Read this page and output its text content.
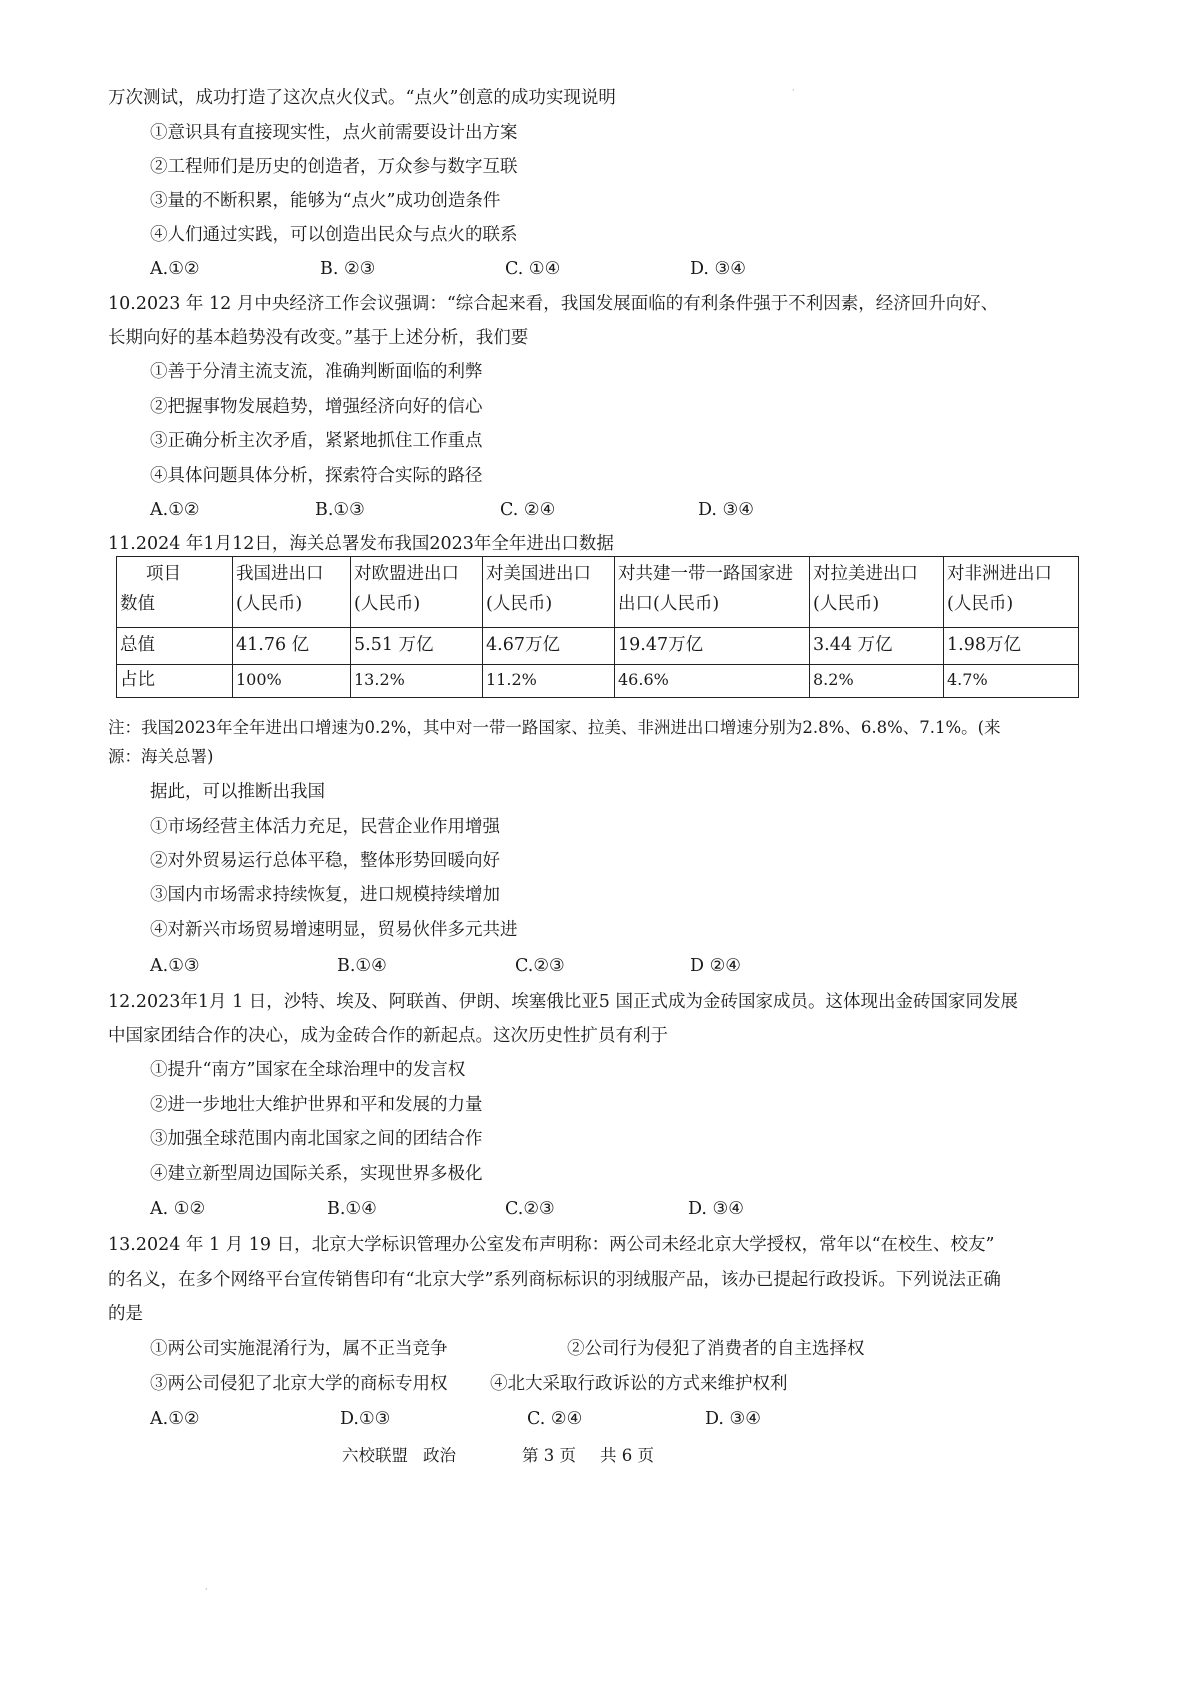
万次测试，成功打造了这次点火仪式。“点火”创意的成功实现说明	·
①意识具有直接现实性，点火前需要设计出方案
②工程师们是历史的创造者，万众参与数字互联
③量的不断积累，能够为“点火”成功创造条件
④人们通过实践，可以创造出民众与点火的联系
A.①②	B. ②③	C. ①④	D. ③④
10.2023 年 12 月中央经济工作会议强调：“综合起来看，我国发展面临的有利条件强于不利因素，经济回升向好、
长期向好的基本趋势没有改变。”基于上述分析，我们要
①善于分清主流支流，准确判断面临的利弊
②把握事物发展趋势，增强经济向好的信心
③正确分析主次矛盾，紧紧地抓住工作重点
④具体问题具体分析，探索符合实际的路径
A.①②	B.①③	C. ②④	D. ③④
11.2024 年1月12日，海关总署发布我国2023年全年进出口数据
项目
数值	我国进出口(人民币)	对欧盟进出口(人民币)	对美国进出口(人民币)	对共建一带一路国家进出口(人民币)	对拉美进出口(人民币)	对非洲进出口(人民币)
总值	41.76 亿	5.51 万亿	4.67万亿	19.47万亿	3.44 万亿	1.98万亿
占比	100%	13.2%	11.2%	46.6%	8.2%	4.7%
注：我国2023年全年进出口增速为0.2%，其中对一带一路国家、拉美、非洲进出口增速分别为2.8%、6.8%、7.1%。(来
源：海关总署)
据此，可以推断出我国
①市场经营主体活力充足，民营企业作用增强
②对外贸易运行总体平稳，整体形势回暖向好
③国内市场需求持续恢复，进口规模持续增加
④对新兴市场贸易增速明显，贸易伙伴多元共进
A.①③	B.①④	C.②③	D ②④
12.2023年1月 1 日，沙特、埃及、阿联酋、伊朗、埃塞俄比亚5 国正式成为金砖国家成员。这体现出金砖国家同发展
中国家团结合作的决心，成为金砖合作的新起点。这次历史性扩员有利于
①提升“南方”国家在全球治理中的发言权
②进一步地壮大维护世界和平和发展的力量
③加强全球范围内南北国家之间的团结合作
④建立新型周边国际关系，实现世界多极化
A. ①②	B.①④	C.②③	D. ③④
13.2024 年 1 月 19 日，北京大学标识管理办公室发布声明称：两公司未经北京大学授权，常年以“在校生、校友”
的名义，在多个网络平台宣传销售印有“北京大学”系列商标标识的羽绒服产品，该办已提起行政投诉。下列说法正确
的是
①两公司实施混淆行为，属不正当竞争	②公司行为侵犯了消费者的自主选择权
③两公司侵犯了北京大学的商标专用权 ④北大采取行政诉讼的方式来维护权利
A.①②	D.①③	C. ②④	D. ③④
六校联盟 政治	第 3 页 共 6 页
·
